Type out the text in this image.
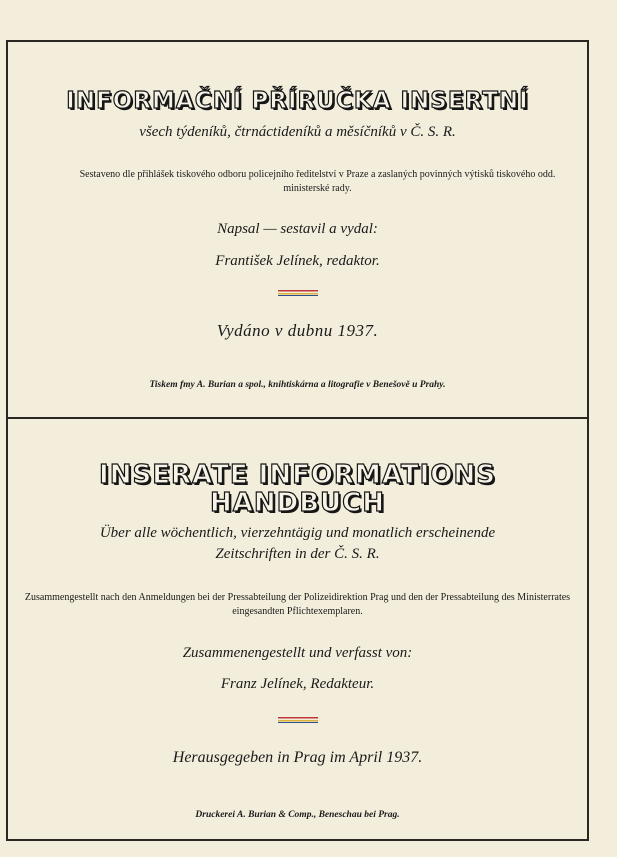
INFORMAČNÍ PŘÍRUČKA INSERTNÍ
všech týdeníků, čtrnáctideníků a měsíčníků v Č. S. R.
Sestaveno dle přihlášek tiskového odboru policejního ředitelství v Praze a zaslaných povinných výtisků tiskového odd. ministerské rady.
Napsal — sestavil a vydal:
František Jelínek, redaktor.
Vydáno v dubnu 1937.
Tiskem fmy A. Burian a spol., knihtiskárna a litografie v Benešově u Prahy.
INSERATE INFORMATIONS
HANDBUCH
Über alle wöchentlich, vierzehntägig und monatlich erscheinende
Zeitschriften in der Č. S. R.
Zusammengestellt nach den Anmeldungen bei der Pressabteilung der Polizeidirektion Prag und den der Pressabteilung des Ministerrates eingesandten Pflichtexemplaren.
Zusammenengestellt und verfasst von:
Franz Jelínek, Redakteur.
Herausgegeben in Prag im April 1937.
Druckerei A. Burian & Comp., Beneschau bei Prag.
